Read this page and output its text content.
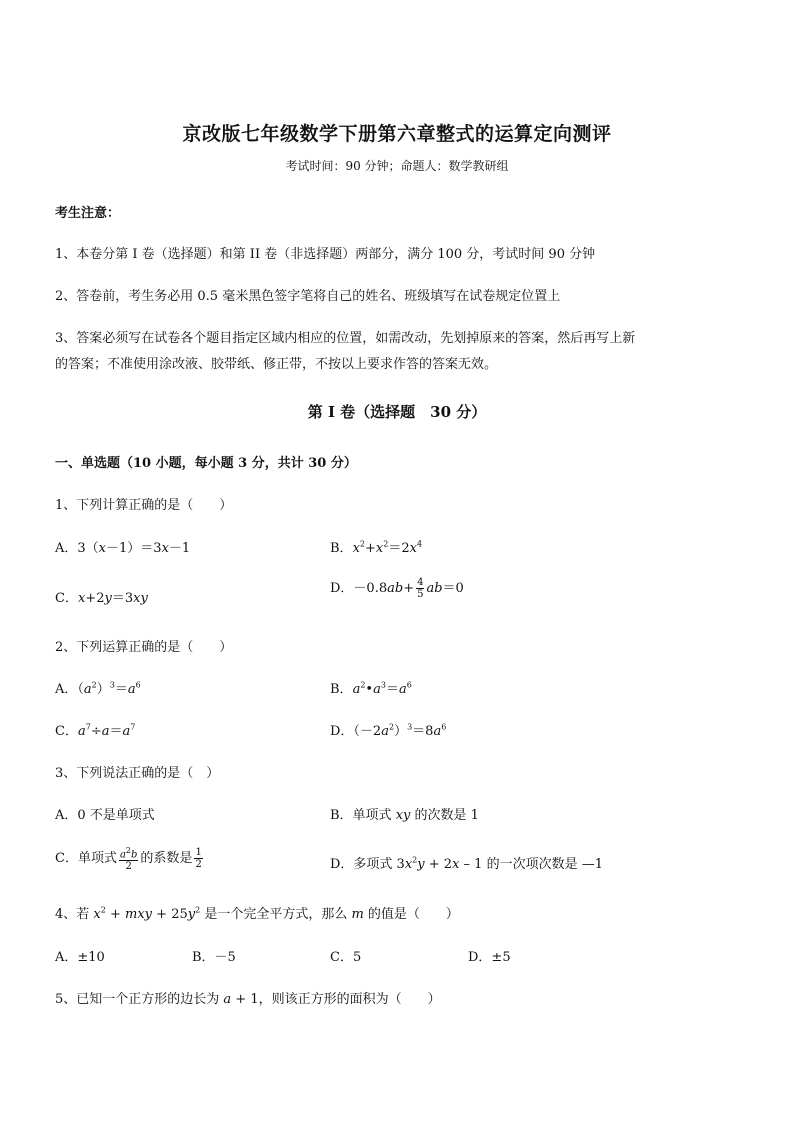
京改版七年级数学下册第六章整式的运算定向测评
考试时间：90 分钟；命题人：数学教研组
考生注意：
1、本卷分第 I 卷（选择题）和第 II 卷（非选择题）两部分，满分 100 分，考试时间 90 分钟
2、答卷前，考生务必用 0.5 毫米黑色签字笔将自己的姓名、班级填写在试卷规定位置上
3、答案必须写在试卷各个题目指定区域内相应的位置，如需改动，先划掉原来的答案，然后再写上新
的答案；不准使用涂改液、胶带纸、修正带，不按以上要求作答的答案无效。
第 I 卷（选择题　30 分）
一、单选题（10 小题，每小题 3 分，共计 30 分）
1、下列计算正确的是（　　）
A．3（x－1）＝3x－1	B．$x^2+x^2=2x^4$
C．x+2y＝3xy
D．$-0.8ab+ \frac{4}{5} ab=0$
2、下列运算正确的是（　　）
A．$(a^2)^3=a^6$	B．$a^2•a^3=a^6$
C．$a^7\div a=a^7$	D．$(-2a^2)^3=8a^6$
3、下列说法正确的是（　）
A．0 不是单项式	B．单项式 xy 的次数是 1
C．单项式 $\frac{a^2b}{2}$ 的系数是 $\frac{1}{2}$	D．多项式 $3x^2y + 2x - 1$ 的一次项次数是 —1
4、若 $x^2$ + mxy + $25y^2$ 是一个完全平方式，那么 m 的值是（　　）
A．±10	B．－5	C．5	D．±5
5、已知一个正方形的边长为 a + 1，则该正方形的面积为（　　）
